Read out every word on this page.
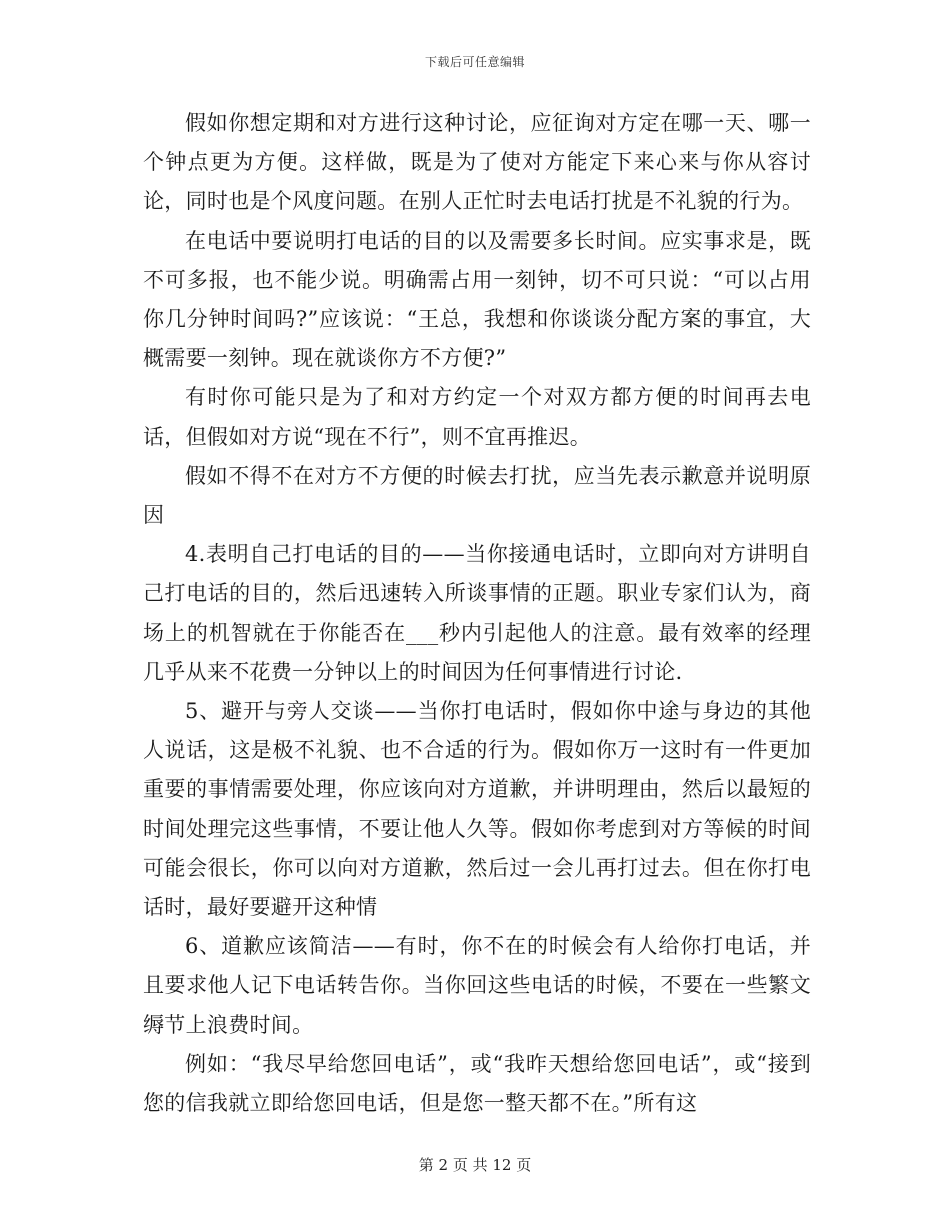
下载后可任意编辑

假如你想定期和对方进行这种讨论，应征询对方定在哪一天、哪一个钟点更为方便。这样做，既是为了使对方能定下来心来与你从容讨论，同时也是个风度问题。在别人正忙时去电话打扰是不礼貌的行为。

在电话中要说明打电话的目的以及需要多长时间。应实事求是，既不可多报，也不能少说。明确需占用一刻钟，切不可只说：“可以占用你几分钟时间吗?”应该说：“王总，我想和你谈谈分配方案的事宜，大概需要一刻钟。现在就谈你方不方便?”

有时你可能只是为了和对方约定一个对双方都方便的时间再去电话，但假如对方说“现在不行”，则不宜再推迟。

假如不得不在对方不方便的时候去打扰，应当先表示歉意并说明原因

4.表明自己打电话的目的——当你接通电话时，立即向对方讲明自己打电话的目的，然后迅速转入所谈事情的正题。职业专家们认为，商场上的机智就在于你能否在___秒内引起他人的注意。最有效率的经理几乎从来不花费一分钟以上的时间因为任何事情进行讨论.

5、避开与旁人交谈——当你打电话时，假如你中途与身边的其他人说话，这是极不礼貌、也不合适的行为。假如你万一这时有一件更加重要的事情需要处理，你应该向对方道歉，并讲明理由，然后以最短的时间处理完这些事情，不要让他人久等。假如你考虑到对方等候的时间可能会很长，你可以向对方道歉，然后过一会儿再打过去。但在你打电话时，最好要避开这种情

6、道歉应该简洁——有时，你不在的时候会有人给你打电话，并且要求他人记下电话转告你。当你回这些电话的时候，不要在一些繁文缛节上浪费时间。

例如：“我尽早给您回电话”，或“我昨天想给您回电话”，或“接到您的信我就立即给您回电话，但是您一整天都不在。”所有这

第 2 页 共 12 页
